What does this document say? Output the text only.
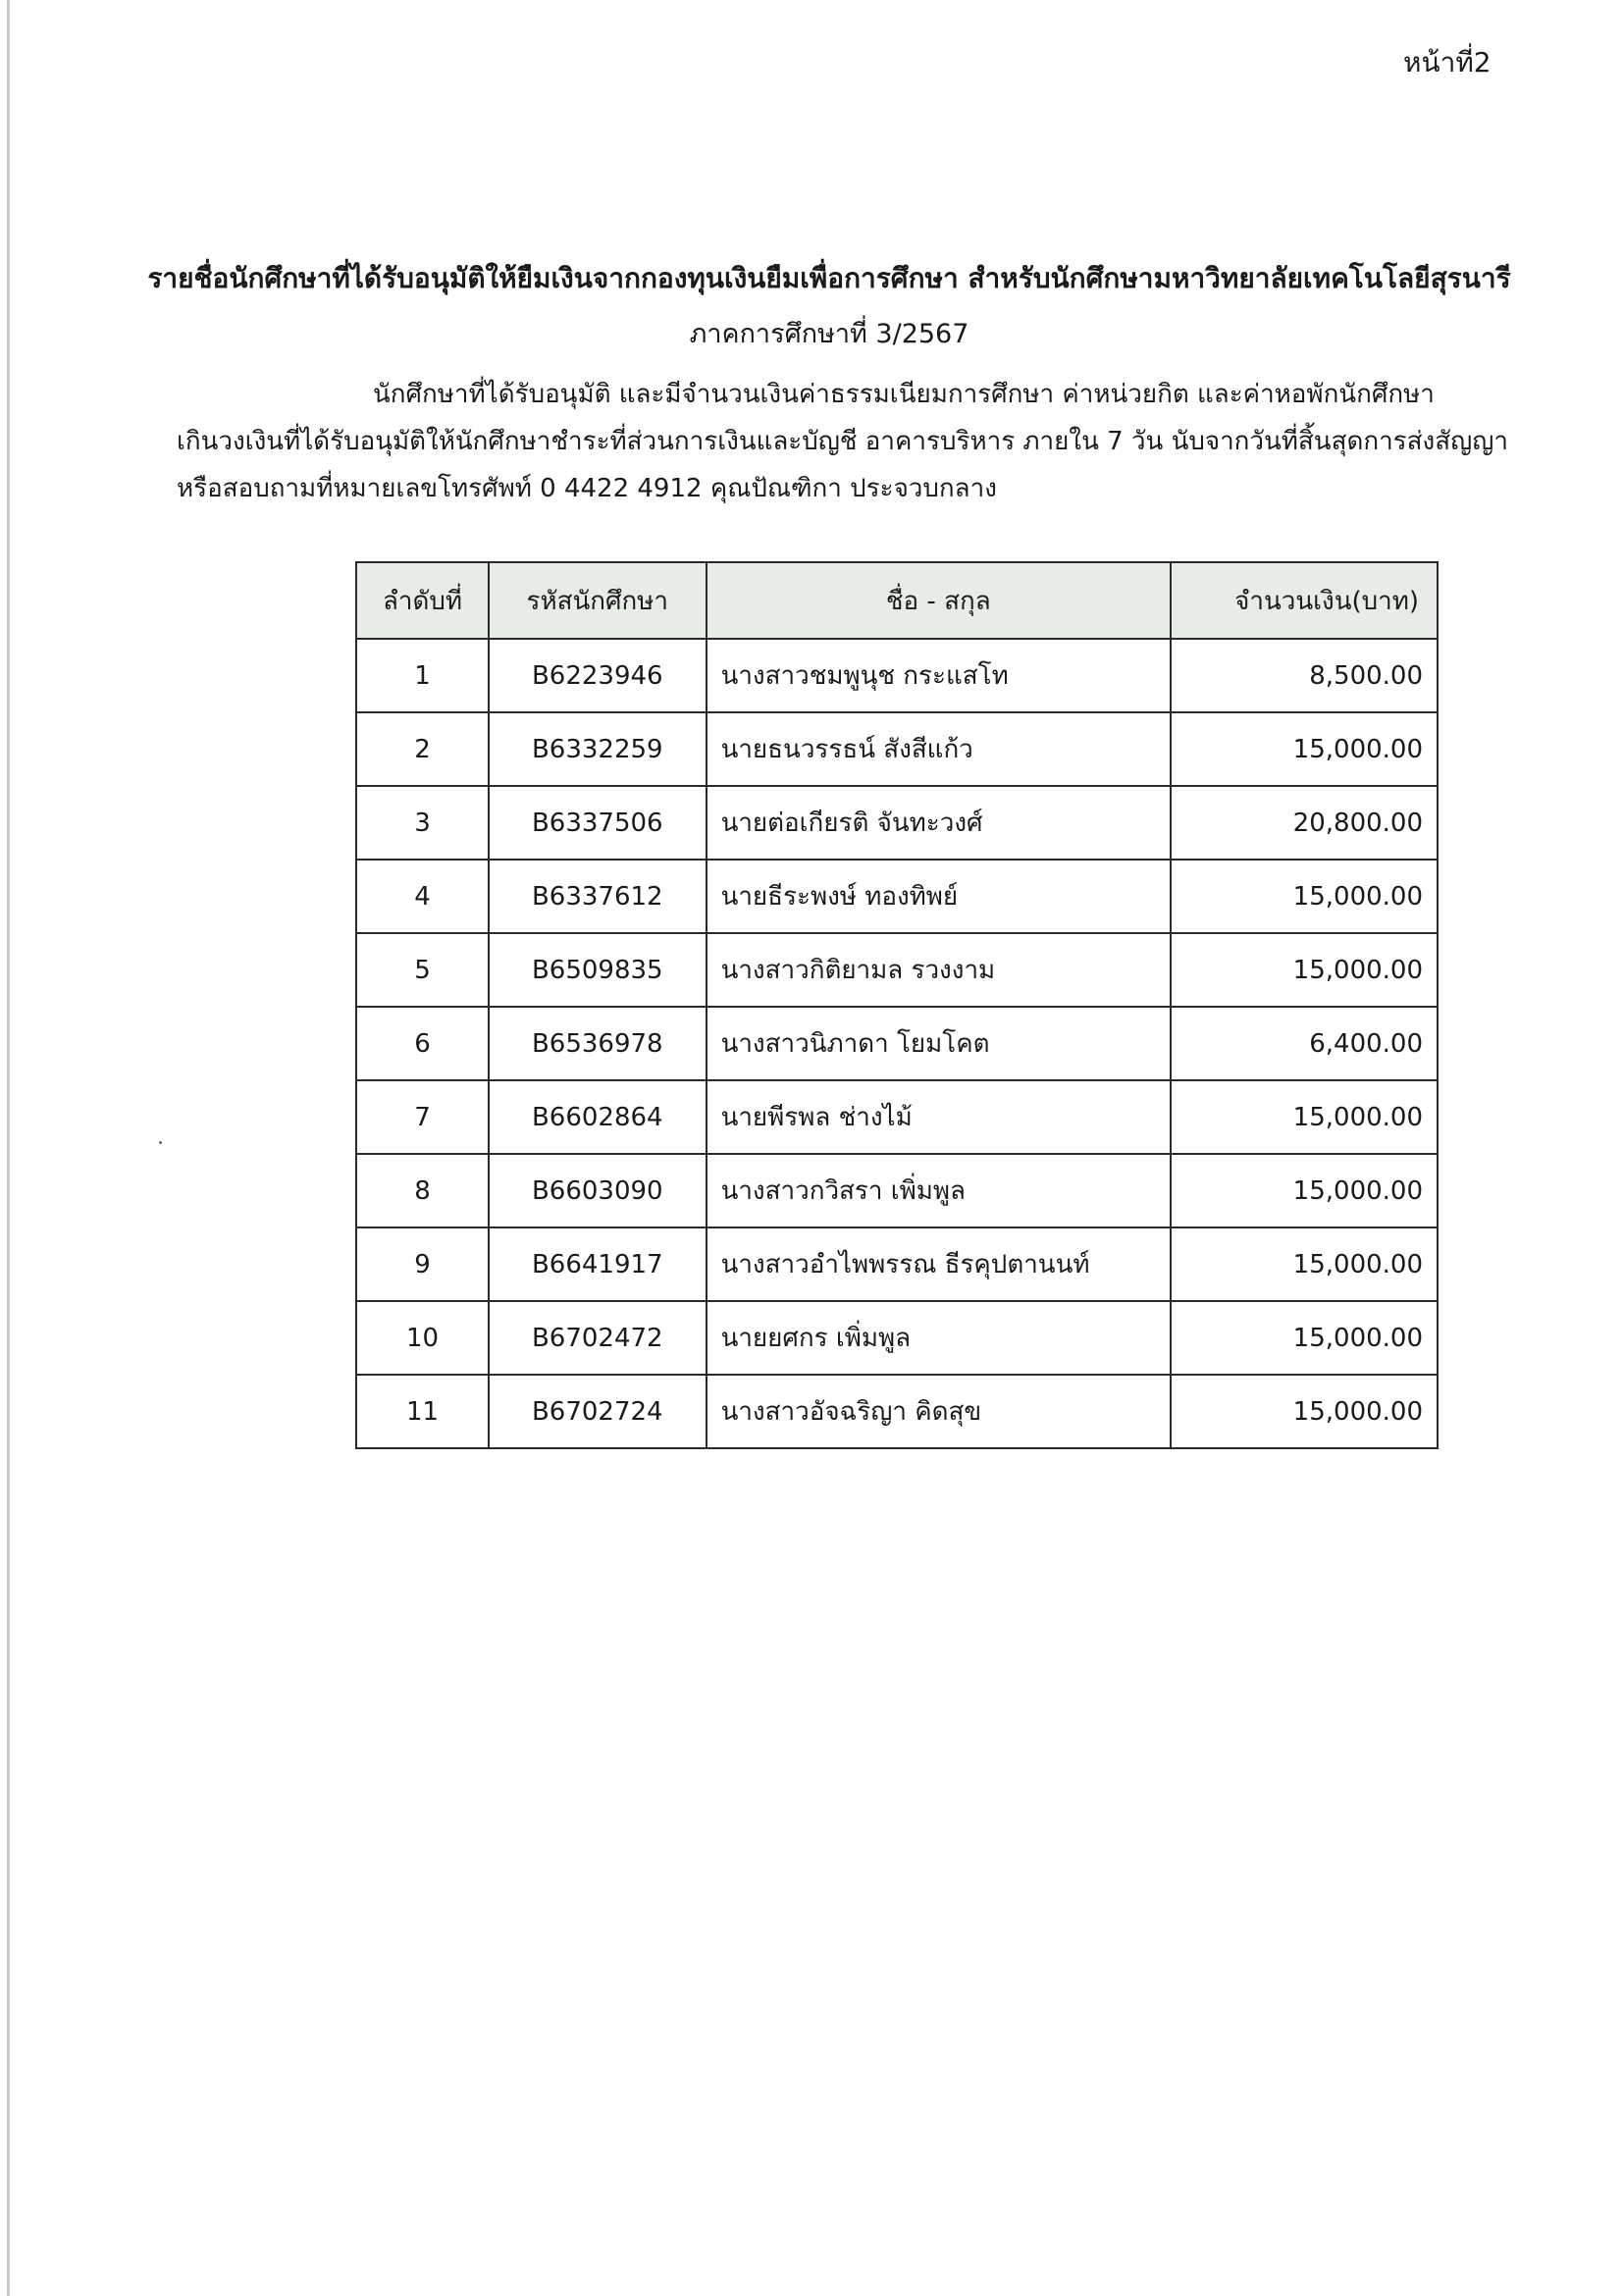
หน้าที่2
รายชื่อนักศึกษาที่ได้รับอนุมัติให้ยืมเงินจากกองทุนเงินยืมเพื่อการศึกษา สำหรับนักศึกษามหาวิทยาลัยเทคโนโลยีสุรนารี
ภาคการศึกษาที่ 3/2567
นักศึกษาที่ได้รับอนุมัติ และมีจำนวนเงินค่าธรรมเนียมการศึกษา ค่าหน่วยกิต และค่าหอพักนักศึกษา
เกินวงเงินที่ได้รับอนุมัติให้นักศึกษาชำระที่ส่วนการเงินและบัญชี อาคารบริหาร ภายใน 7 วัน นับจากวันที่สิ้นสุดการส่งสัญญา
หรือสอบถามที่หมายเลขโทรศัพท์ 0 4422 4912 คุณปัณฑิกา ประจวบกลาง
ลำดับที่	รหัสนักศึกษา	ชื่อ - สกุล	จำนวนเงิน(บาท)
1	B6223946	นางสาวชมพูนุช กระแสโท	8,500.00
2	B6332259	นายธนวรรธน์ สังสีแก้ว	15,000.00
3	B6337506	นายต่อเกียรติ จันทะวงศ์	20,800.00
4	B6337612	นายธีระพงษ์ ทองทิพย์	15,000.00
5	B6509835	นางสาวกิติยามล รวงงาม	15,000.00
6	B6536978	นางสาวนิภาดา โยมโคต	6,400.00
7	B6602864	นายพีรพล ช่างไม้	15,000.00
8	B6603090	นางสาวกวิสรา เพิ่มพูล	15,000.00
9	B6641917	นางสาวอำไพพรรณ ธีรคุปตานนท์	15,000.00
10	B6702472	นายยศกร เพิ่มพูล	15,000.00
11	B6702724	นางสาวอัจฉริญา คิดสุข	15,000.00
